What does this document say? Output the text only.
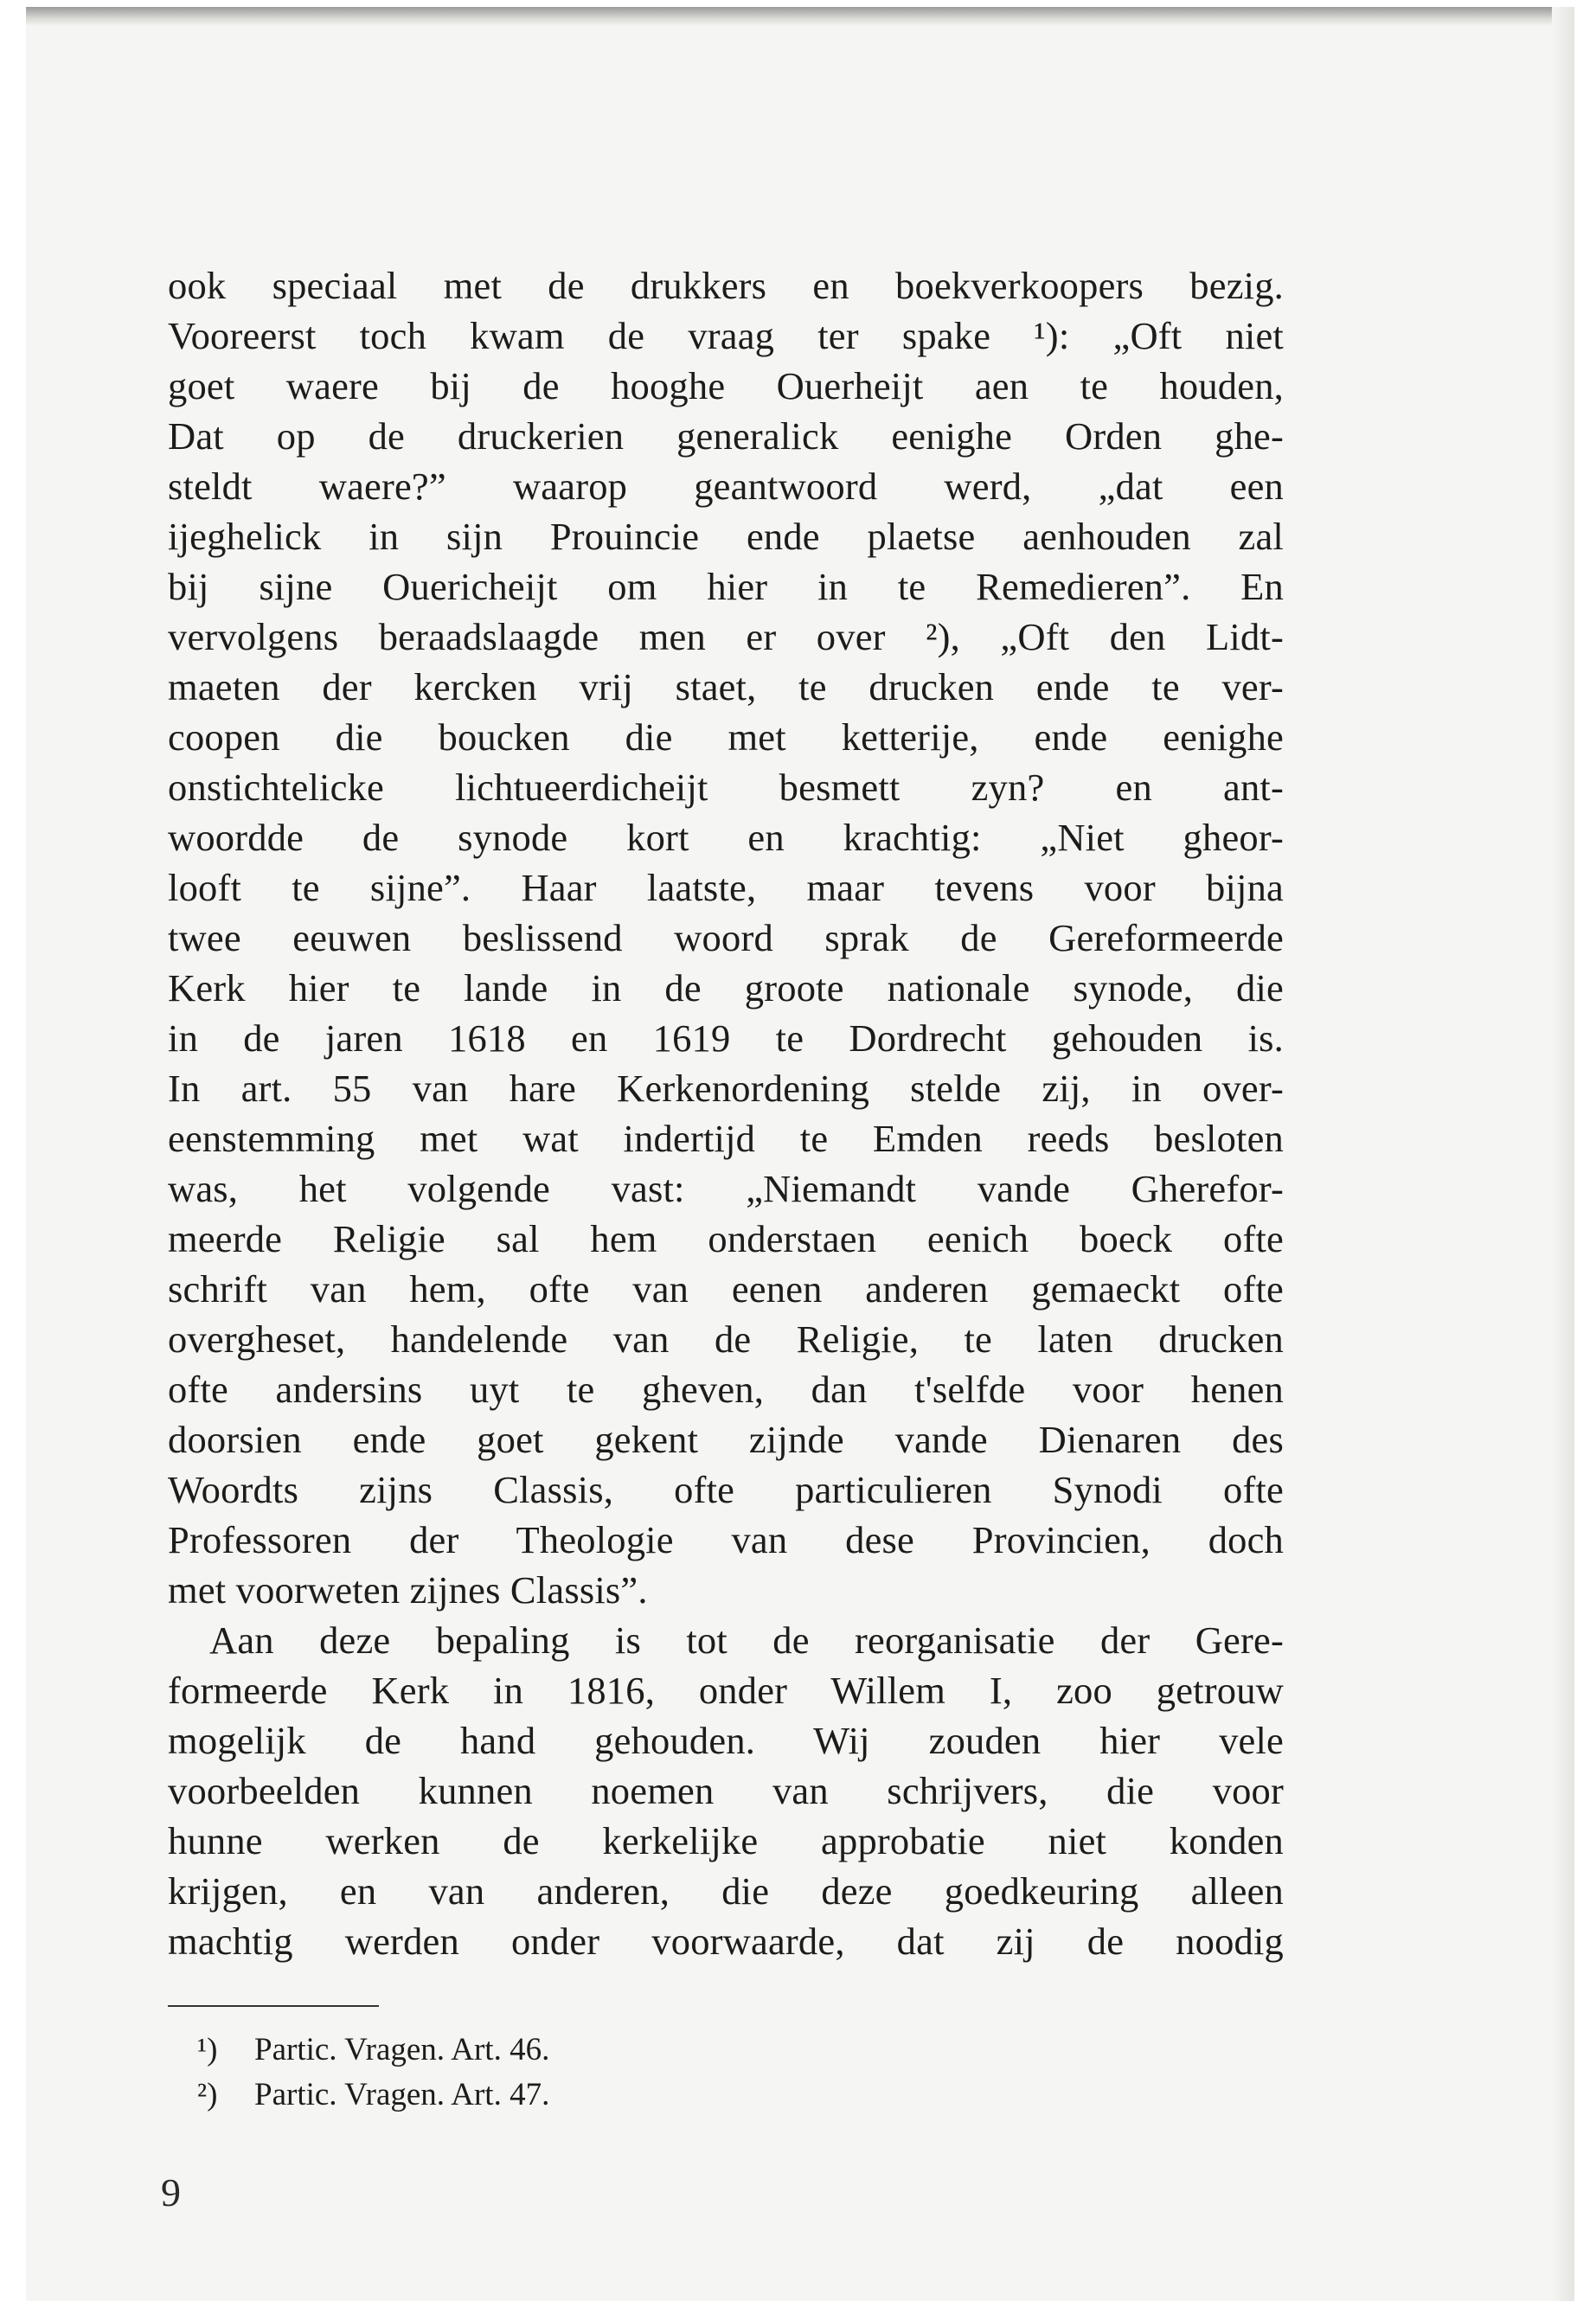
ook speciaal met de drukkers en boekverkoopers bezig.
Vooreerst toch kwam de vraag ter spake ¹): „Oft niet
goet waere bij de hooghe Ouerheijt aen te houden,
Dat op de druckerien generalick eenighe Orden ghe-
steldt waere?” waarop geantwoord werd, „dat een
ijeghelick in sijn Prouincie ende plaetse aenhouden zal
bij sijne Ouericheijt om hier in te Remedieren”. En
vervolgens beraadslaagde men er over ²), „Oft den Lidt-
maeten der kercken vrij staet, te drucken ende te ver-
coopen die boucken die met ketterije, ende eenighe
onstichtelicke lichtueerdicheijt besmett zyn? en ant-
woordde de synode kort en krachtig: „Niet gheor-
looft te sijne”. Haar laatste, maar tevens voor bijna
twee eeuwen beslissend woord sprak de Gereformeerde
Kerk hier te lande in de groote nationale synode, die
in de jaren 1618 en 1619 te Dordrecht gehouden is.
In art. 55 van hare Kerkenordening stelde zij, in over-
eenstemming met wat indertijd te Emden reeds besloten
was, het volgende vast: „Niemandt vande Gherefor-
meerde Religie sal hem onderstaen eenich boeck ofte
schrift van hem, ofte van eenen anderen gemaeckt ofte
overgheset, handelende van de Religie, te laten drucken
ofte andersins uyt te gheven, dan t'selfde voor henen
doorsien ende goet gekent zijnde vande Dienaren des
Woordts zijns Classis, ofte particulieren Synodi ofte
Professoren der Theologie van dese Provincien, doch
met voorweten zijnes Classis”.
Aan deze bepaling is tot de reorganisatie der Gere-
formeerde Kerk in 1816, onder Willem I, zoo getrouw
mogelijk de hand gehouden. Wij zouden hier vele
voorbeelden kunnen noemen van schrijvers, die voor
hunne werken de kerkelijke approbatie niet konden
krijgen, en van anderen, die deze goedkeuring alleen
machtig werden onder voorwaarde, dat zij de noodig
¹) Partic. Vragen. Art. 46.
²) Partic. Vragen. Art. 47.
9
